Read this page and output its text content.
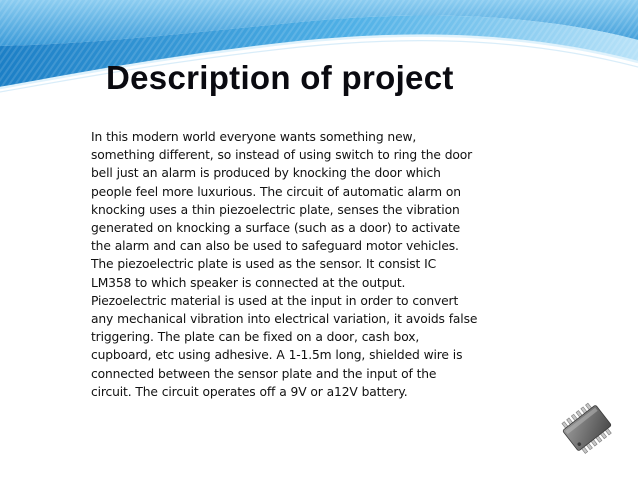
Description of project
In this modern world everyone wants something new,
something different, so instead of using switch to ring the door
bell just an alarm is produced by knocking the door which
people feel more luxurious. The circuit of automatic alarm on
knocking uses a thin piezoelectric plate, senses the vibration
generated on knocking a surface (such as a door) to activate
the alarm and can also be used to safeguard motor vehicles.
The piezoelectric plate is used as the sensor. It consist IC
LM358 to which speaker is connected at the output.
Piezoelectric material is used at the input in order to convert
any mechanical vibration into electrical variation, it avoids false
triggering. The plate can be fixed on a door, cash box,
cupboard, etc using adhesive. A 1-1.5m long, shielded wire is
connected between the sensor plate and the input of the
circuit. The circuit operates off a 9V or a12V battery.
